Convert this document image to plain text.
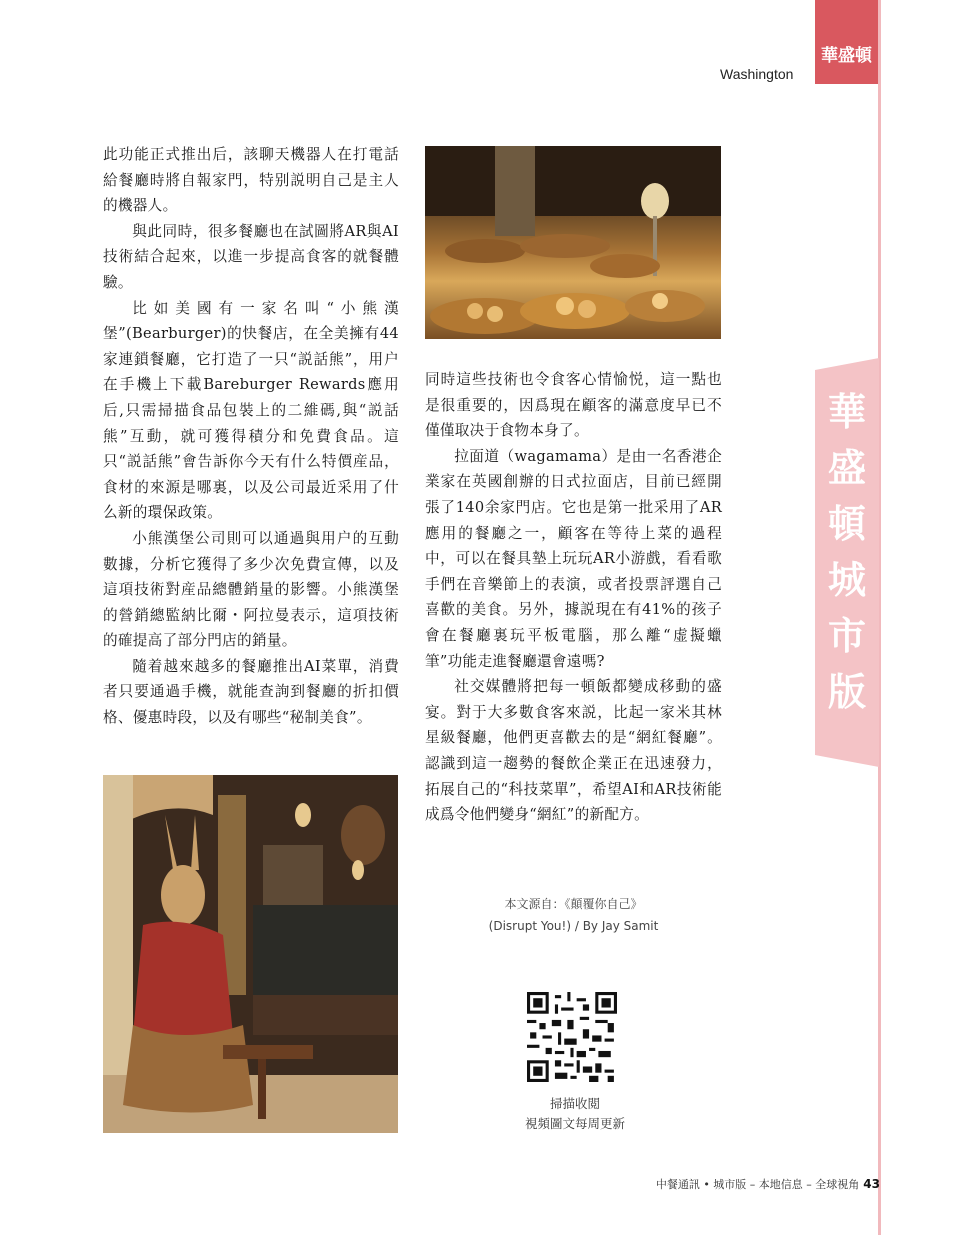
華盛頓
Washington
華
盛
頓
城
市
版

此功能正式推出后，該聊天機器人在打電話給餐廳時將自報家門，特别説明自己是主人的機器人。

與此同時，很多餐廳也在試圖將AR與AI技術結合起來，以進一步提高食客的就餐體驗。

比如美國有一家名叫“小熊漢堡”(Bearburger)的快餐店，在全美擁有44家連鎖餐廳，它打造了一只“説話熊”，用户在手機上下載Bareburger Rewards應用后,只需掃描食品包裝上的二維碼,與“説話熊”互動，就可獲得積分和免費食品。這只“説話熊”會告訴你今天有什么特價産品，食材的來源是哪裏，以及公司最近采用了什么新的環保政策。

小熊漢堡公司則可以通過與用户的互動數據，分析它獲得了多少次免費宣傳，以及這項技術對産品總體銷量的影響。小熊漢堡的營銷總監納比爾・阿拉曼表示，這項技術的確提高了部分門店的銷量。

隨着越來越多的餐廳推出AI菜單，消費者只要通過手機，就能查詢到餐廳的折扣價格、優惠時段，以及有哪些“秘制美食”。

同時這些技術也令食客心情愉悦，這一點也是很重要的，因爲現在顧客的滿意度早已不僅僅取决于食物本身了。

拉面道（wagamama）是由一名香港企業家在英國創辦的日式拉面店，目前已經開張了140余家門店。它也是第一批采用了AR應用的餐廳之一，顧客在等待上菜的過程中，可以在餐具墊上玩玩AR小游戲，看看歌手們在音樂節上的表演，或者投票評選自己喜歡的美食。另外，據説現在有41%的孩子會在餐廳裏玩平板電腦，那么離“虚擬蠟筆”功能走進餐廳還會遠嗎?

社交媒體將把每一頓飯都變成移動的盛宴。對于大多數食客來説，比起一家米其林星級餐廳，他們更喜歡去的是“網紅餐廳”。認識到這一趨勢的餐飲企業正在迅速發力，拓展自己的“科技菜單”，希望AI和AR技術能成爲令他們變身“網紅”的新配方。

本文源自：《顛覆你自己》
(Disrupt You!) / By Jay Samit
掃描收閲
視頻圖文每周更新
中餐通訊 • 城市版 – 本地信息 – 全球視角 43
